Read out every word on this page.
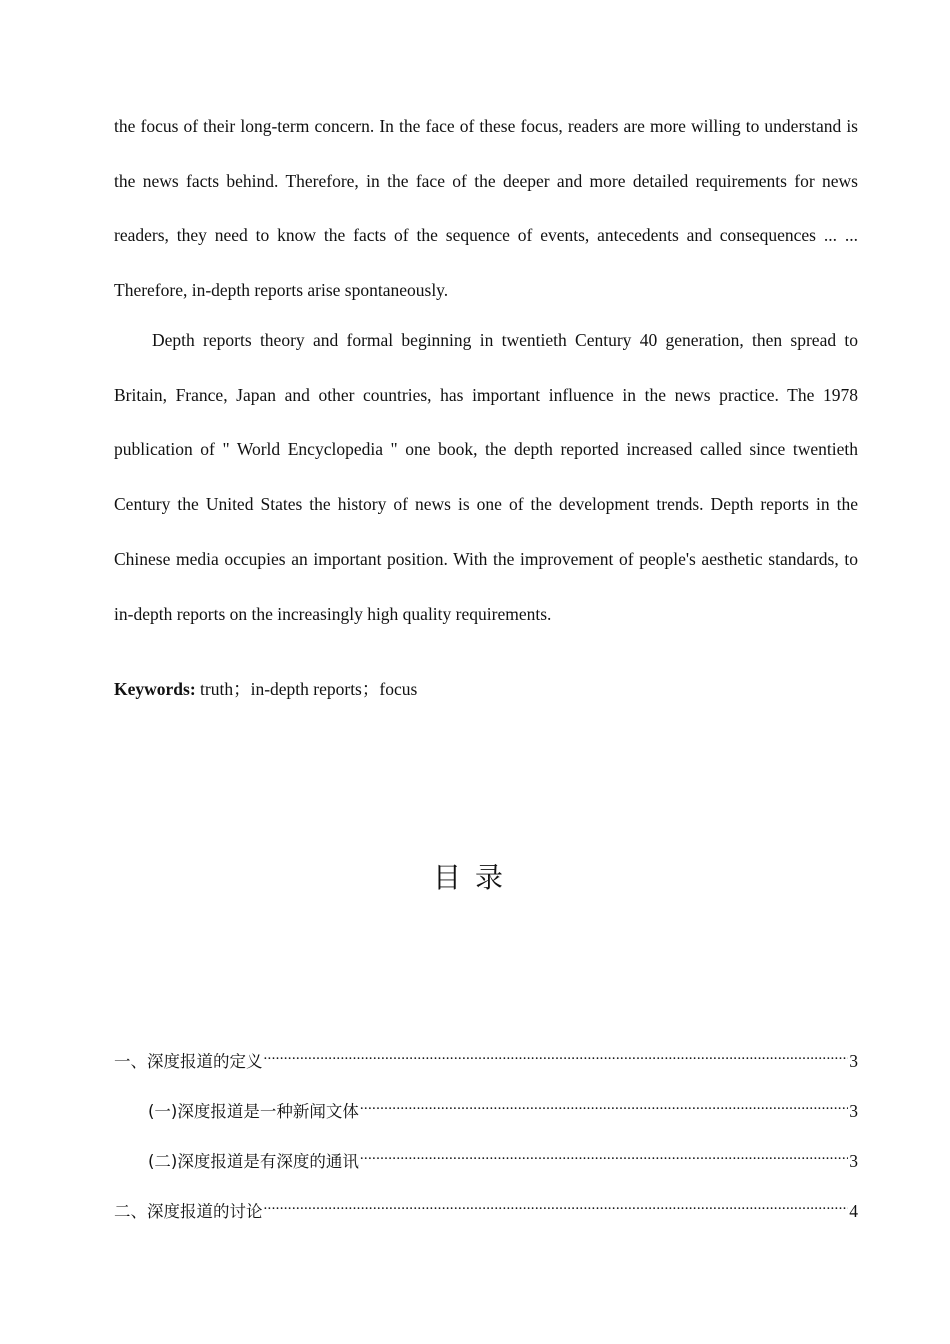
the focus of their long-term concern. In the face of these focus, readers are more willing to understand is the news facts behind. Therefore, in the face of the deeper and more detailed requirements for news readers, they need to know the facts of the sequence of events, antecedents and consequences ... ... Therefore, in-depth reports arise spontaneously.

Depth reports theory and formal beginning in twentieth Century 40 generation, then spread to Britain, France, Japan and other countries, has important influence in the news practice. The 1978 publication of " World Encyclopedia " one book, the depth reported increased called since twentieth Century the United States the history of news is one of the development trends. Depth reports in the Chinese media occupies an important position. With the improvement of people's aesthetic standards, to in-depth reports on the increasingly high quality requirements.

Keywords: truth；in-depth reports；focus
目录
一、深度报道的定义 .....	3
(一)深度报道是一种新闻文体 .....	3
(二)深度报道是有深度的通讯 .....	3
二、深度报道的讨论 .....	4
